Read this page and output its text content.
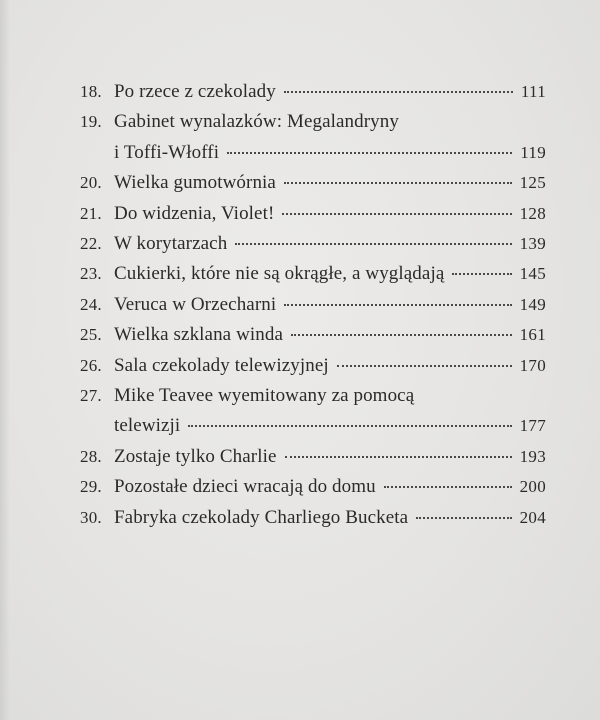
18. Po rzece z czekolady	111
19. Gabinet wynalazków: Megalandryny
i Toffi-Włoffi	119
20. Wielka gumotwórnia	125
21. Do widzenia, Violet!	128
22. W korytarzach	139
23. Cukierki, które nie są okrągłe, a wyglądają	145
24. Veruca w Orzecharni	149
25. Wielka szklana winda	161
26. Sala czekolady telewizyjnej	170
27. Mike Teavee wyemitowany za pomocą
telewizji	177
28. Zostaje tylko Charlie	193
29. Pozostałe dzieci wracają do domu	200
30. Fabryka czekolady Charliego Bucketa	204
